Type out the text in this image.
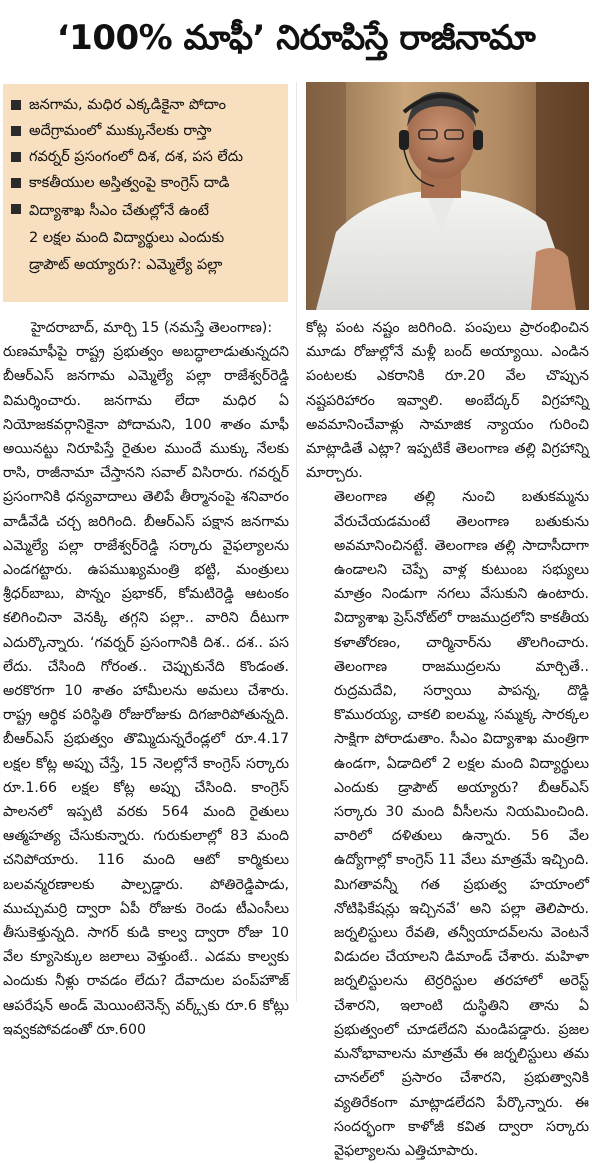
‘100% మాఫీ’ నిరూపిస్తే రాజీనామా
జనగామ, మధిర ఎక్కడికైనా పోదాం
అదేగ్రామంలో ముక్కునేలకు రాస్తా
గవర్నర్ ప్రసంగంలో దిశ, దశ, పస లేదు
కాకతీయుల అస్తిత్వంపై కాంగ్రెస్ దాడి
విద్యాశాఖ సీఎం చేతుల్లోనే ఉంటే
2 లక్షల మంది విద్యార్థులు ఎందుకు
డ్రాపౌట్ అయ్యారు?: ఎమ్మెల్యే పల్లా

హైదరాబాద్, మార్చి 15 (నమస్తే తెలంగాణ):

రుణమాఫీపై రాష్ట్ర ప్రభుత్వం అబద్ధాలాడుతున్నదని బీఆర్‌ఎస్ జనగామ ఎమ్మెల్యే పల్లా రాజేశ్వర్‌రెడ్డి విమర్శించారు. జనగామ లేదా మధిర ఏ నియోజకవర్గానికైనా పోదామని, 100 శాతం మాఫీ అయినట్టు నిరూపిస్తే రైతుల ముందే ముక్కు నేలకు రాసి, రాజీనామా చేస్తానని సవాల్ విసిరారు. గవర్నర్ ప్రసంగానికి ధన్యవాదాలు తెలిపే తీర్మానంపై శనివారం వాడీవేడి చర్చ జరిగింది. బీఆర్‌ఎస్ పక్షాన జనగామ ఎమ్మెల్యే పల్లా రాజేశ్వర్‌రెడ్డి సర్కారు వైఫల్యాలను ఎండగట్టారు. ఉపముఖ్యమంత్రి భట్టి, మంత్రులు శ్రీధర్‌బాబు, పొన్నం ప్రభాకర్, కోమటిరెడ్డి ఆటంకం కలిగించినా వెనక్కి తగ్గని పల్లా.. వారిని దీటుగా ఎదుర్కొన్నారు. ‘గవర్నర్ ప్రసంగానికి దిశ.. దశ.. పస లేదు. చేసింది గోరంత.. చెప్పుకునేది కొండంత. అరకొరగా 10 శాతం హామీలను అమలు చేశారు. రాష్ట్ర ఆర్థిక పరిస్థితి రోజురోజుకు దిగజారిపోతున్నది. బీఆర్‌ఎస్ ప్రభుత్వం తొమ్మిదున్నరేండ్లలో రూ.4.17 లక్షల కోట్ల అప్పు చేస్తే, 15 నెలల్లోనే కాంగ్రెస్ సర్కారు రూ.1.66 లక్షల కోట్ల అప్పు చేసింది. కాంగ్రెస్ పాలనలో ఇప్పటి వరకు 564 మంది రైతులు ఆత్మహత్య చేసుకున్నారు. గురుకులాల్లో 83 మంది చనిపోయారు. 116 మంది ఆటో కార్మికులు బలవన్మరణాలకు పాల్పడ్డారు. పోతిరెడ్డిపాడు, ముచ్చుమర్రి ద్వారా ఏపీ రోజుకు రెండు టీఎంసీలు తీసుకెళ్తున్నది. సాగర్ కుడి కాల్వ ద్వారా రోజు 10 వేల క్యూసెక్కుల జలాలు వెళ్తుంటే.. ఎడమ కాల్వకు ఎందుకు నీళ్లు రావడం లేదు? దేవాదుల పంప్‌హౌజ్ ఆపరేషన్ అండ్ మెయింటెనెన్స్ వర్క్స్‌కు రూ.6 కోట్లు ఇవ్వకపోవడంతో రూ.600

కోట్ల పంట నష్టం జరిగింది. పంపులు ప్రారంభించిన మూడు రోజుల్లోనే మళ్లీ బంద్ అయ్యాయి. ఎండిన పంటలకు ఎకరానికి రూ.20 వేల చొప్పున నష్టపరిహారం ఇవ్వాలి. అంబేద్కర్ విగ్రహాన్ని అవమానించేవాళ్లు సామాజిక న్యాయం గురించి మాట్లాడితే ఎట్లా? ఇప్పటికే తెలంగాణ తల్లి విగ్రహాన్ని మార్చారు.

తెలంగాణ తల్లి నుంచి బతుకమ్మను వేరుచేయడమంటే తెలంగాణ బతుకును అవమానించినట్టే. తెలంగాణ తల్లి సాదాసీదాగా ఉండాలని చెప్పే వాళ్ల కుటుంబ సభ్యులు మాత్రం నిండుగా నగలు వేసుకుని ఉంటారు. విద్యాశాఖ ప్రెస్‌నోట్‌లో రాజముద్రలోని కాకతీయ కళాతోరణం, చార్మినార్‌ను తొలగించారు. తెలంగాణ రాజముద్రలను మార్చితే.. రుద్రమదేవి, సర్వాయి పాపన్న, దొడ్డి కొమురయ్య, చాకలి ఐలమ్మ, సమ్మక్క సారక్కల సాక్షిగా పోరాడుతాం. సీఎం విద్యాశాఖ మంత్రిగా ఉండగా, ఏడాదిలో 2 లక్షల మంది విద్యార్థులు ఎందుకు డ్రాపౌట్ అయ్యారు? బీఆర్‌ఎస్ సర్కారు 30 మంది వీసీలను నియమించింది. వారిలో దళితులు ఉన్నారు. 56 వేల ఉద్యోగాల్లో కాంగ్రెస్ 11 వేలు మాత్రమే ఇచ్చింది. మిగతావన్నీ గత ప్రభుత్వ హయాంలో నోటిఫికేషన్లు ఇచ్చినవే’ అని పల్లా తెలిపారు. జర్నలిస్టులు రేవతి, తన్వీయాదవ్‌లను వెంటనే విడుదల చేయాలని డిమాండ్ చేశారు. మహిళా జర్నలిస్టులను టెర్రరిస్టుల తరహాలో అరెస్ట్ చేశారని, ఇలాంటి దుస్థితిని తాను ఏ ప్రభుత్వంలో చూడలేదని మండిపడ్డారు. ప్రజల మనోభావాలను మాత్రమే ఈ జర్నలిస్టులు తమ చానల్‌లో ప్రసారం చేశారని, ప్రభుత్వానికి వ్యతిరేకంగా మాట్లాడలేదని పేర్కొన్నారు. ఈ సందర్భంగా కాళోజీ కవిత ద్వారా సర్కారు వైఫల్యాలను ఎత్తిచూపారు.
